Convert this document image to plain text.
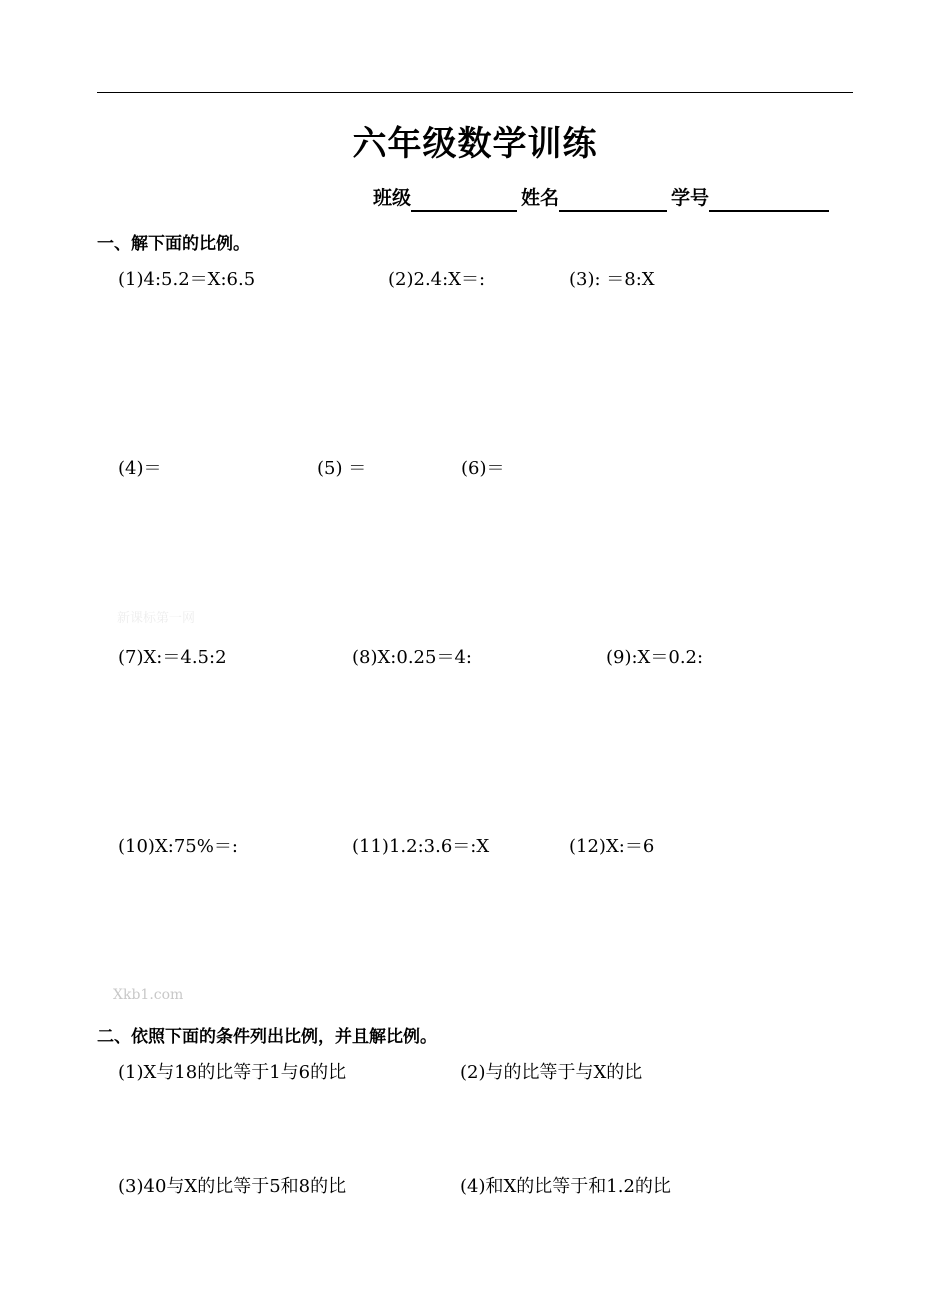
六年级数学训练
班级	姓名	学号
一、解下面的比例。
(1)4:5.2＝X:6.5	(2)2.4:X＝:	(3): ＝8:X
(4)＝	(5) ＝	(6)＝
新课标第一网
(7)X:＝4.5:2	(8)X:0.25＝4:	(9):X＝0.2:
(10)X:75%＝:	(11)1.2:3.6＝:X	(12)X:＝6
Xkb1.com
二、依照下面的条件列出比例，并且解比例。
(1)X与18的比等于1与6的比	(2)与的比等于与X的比
(3)40与X的比等于5和8的比	(4)和X的比等于和1.2的比
